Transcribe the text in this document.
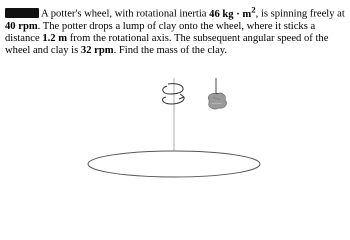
A potter's wheel, with rotational inertia 46 kg · $m^2$, is spinning freely at 40 rpm. The potter drops a lump of clay onto the wheel, where it sticks a distance 1.2 m from the rotational axis. The subsequent angular speed of the wheel and clay is 32 rpm. Find the mass of the clay.
